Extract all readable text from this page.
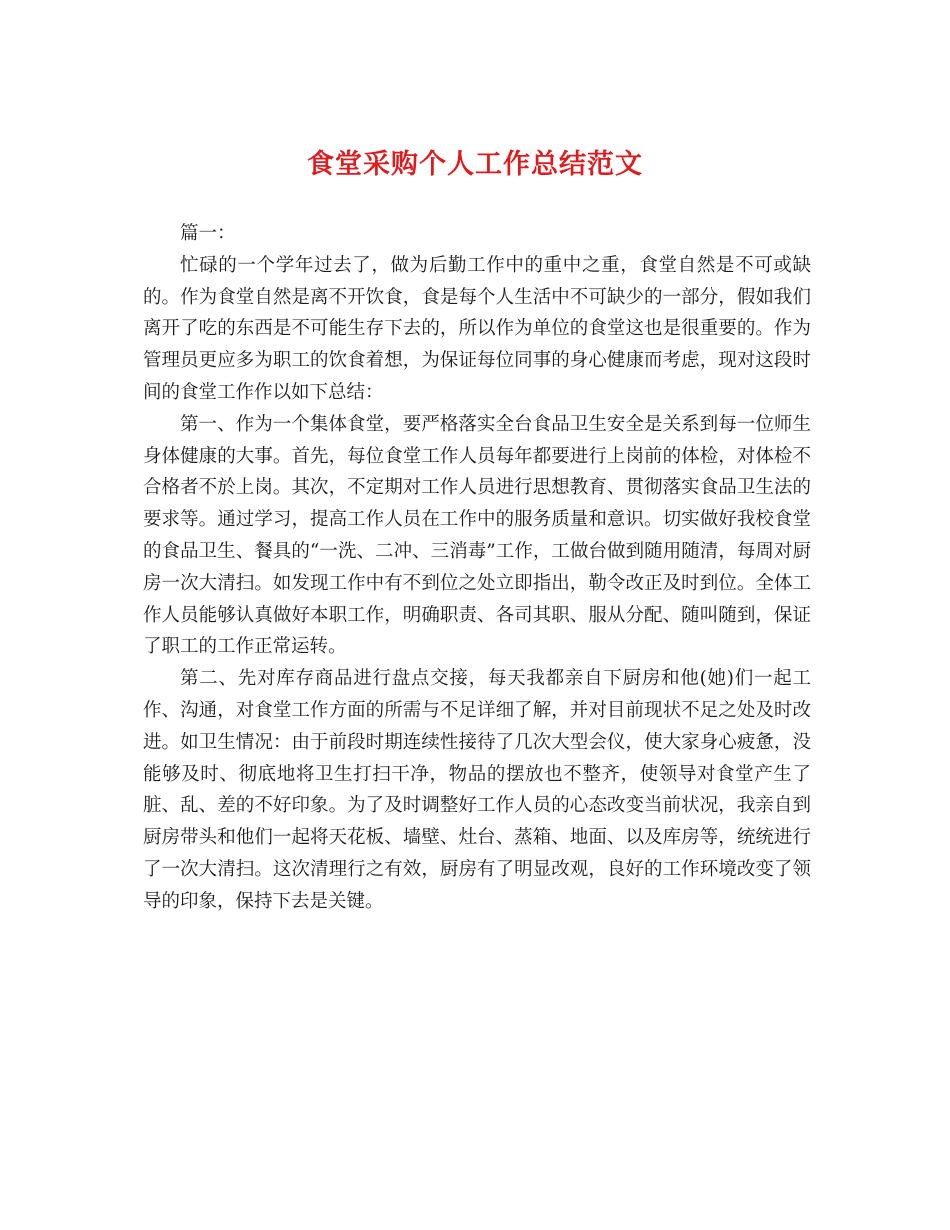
食堂采购个人工作总结范文

篇一：

忙碌的一个学年过去了，做为后勤工作中的重中之重，食堂自然是不可或缺的。作为食堂自然是离不开饮食，食是每个人生活中不可缺少的一部分，假如我们离开了吃的东西是不可能生存下去的，所以作为单位的食堂这也是很重要的。作为管理员更应多为职工的饮食着想，为保证每位同事的身心健康而考虑，现对这段时间的食堂工作作以如下总结：

第一、作为一个集体食堂，要严格落实全台食品卫生安全是关系到每一位师生身体健康的大事。首先，每位食堂工作人员每年都要进行上岗前的体检，对体检不合格者不於上岗。其次，不定期对工作人员进行思想教育、贯彻落实食品卫生法的要求等。通过学习，提高工作人员在工作中的服务质量和意识。切实做好我校食堂的食品卫生、餐具的“一洗、二冲、三消毒”工作，工做台做到随用随清，每周对厨房一次大清扫。如发现工作中有不到位之处立即指出，勒令改正及时到位。全体工作人员能够认真做好本职工作，明确职责、各司其职、服从分配、随叫随到，保证了职工的工作正常运转。

第二、先对库存商品进行盘点交接，每天我都亲自下厨房和他(她)们一起工作、沟通，对食堂工作方面的所需与不足详细了解，并对目前现状不足之处及时改进。如卫生情况：由于前段时期连续性接待了几次大型会仪，使大家身心疲惫，没能够及时、彻底地将卫生打扫干净，物品的摆放也不整齐，使领导对食堂产生了脏、乱、差的不好印象。为了及时调整好工作人员的心态改变当前状况，我亲自到厨房带头和他们一起将天花板、墙壁、灶台、蒸箱、地面、以及库房等，统统进行了一次大清扫。这次清理行之有效，厨房有了明显改观，良好的工作环境改变了领导的印象，保持下去是关键。
